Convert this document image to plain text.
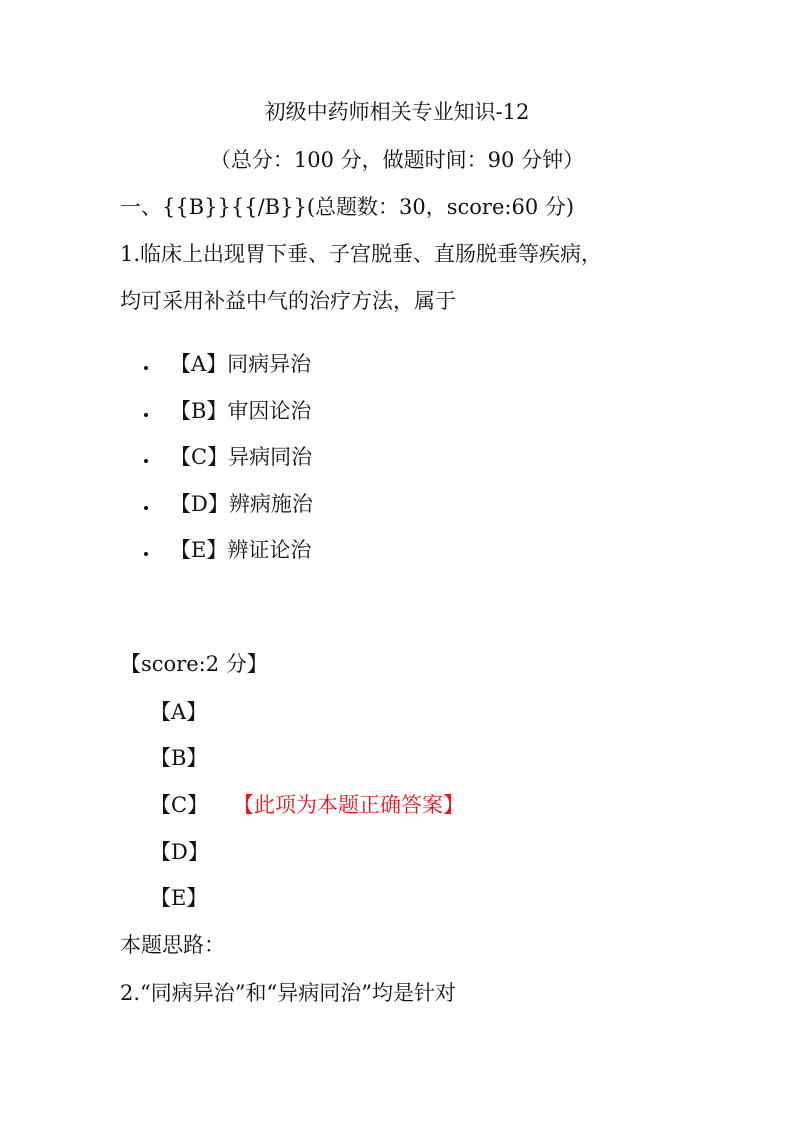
初级中药师相关专业知识-12
（总分：100 分，做题时间：90 分钟）
一、{{B}}{{/B}}(总题数：30，score:60 分)
1.临床上出现胃下垂、子宫脱垂、直肠脱垂等疾病，
均可采用补益中气的治疗方法，属于
【A】同病异治
【B】审因论治
【C】异病同治
【D】辨病施治
【E】辨证论治
【score:2 分】
【A】
【B】
【C】 【此项为本题正确答案】
【D】
【E】
本题思路：
2.“同病异治”和“异病同治”均是针对
